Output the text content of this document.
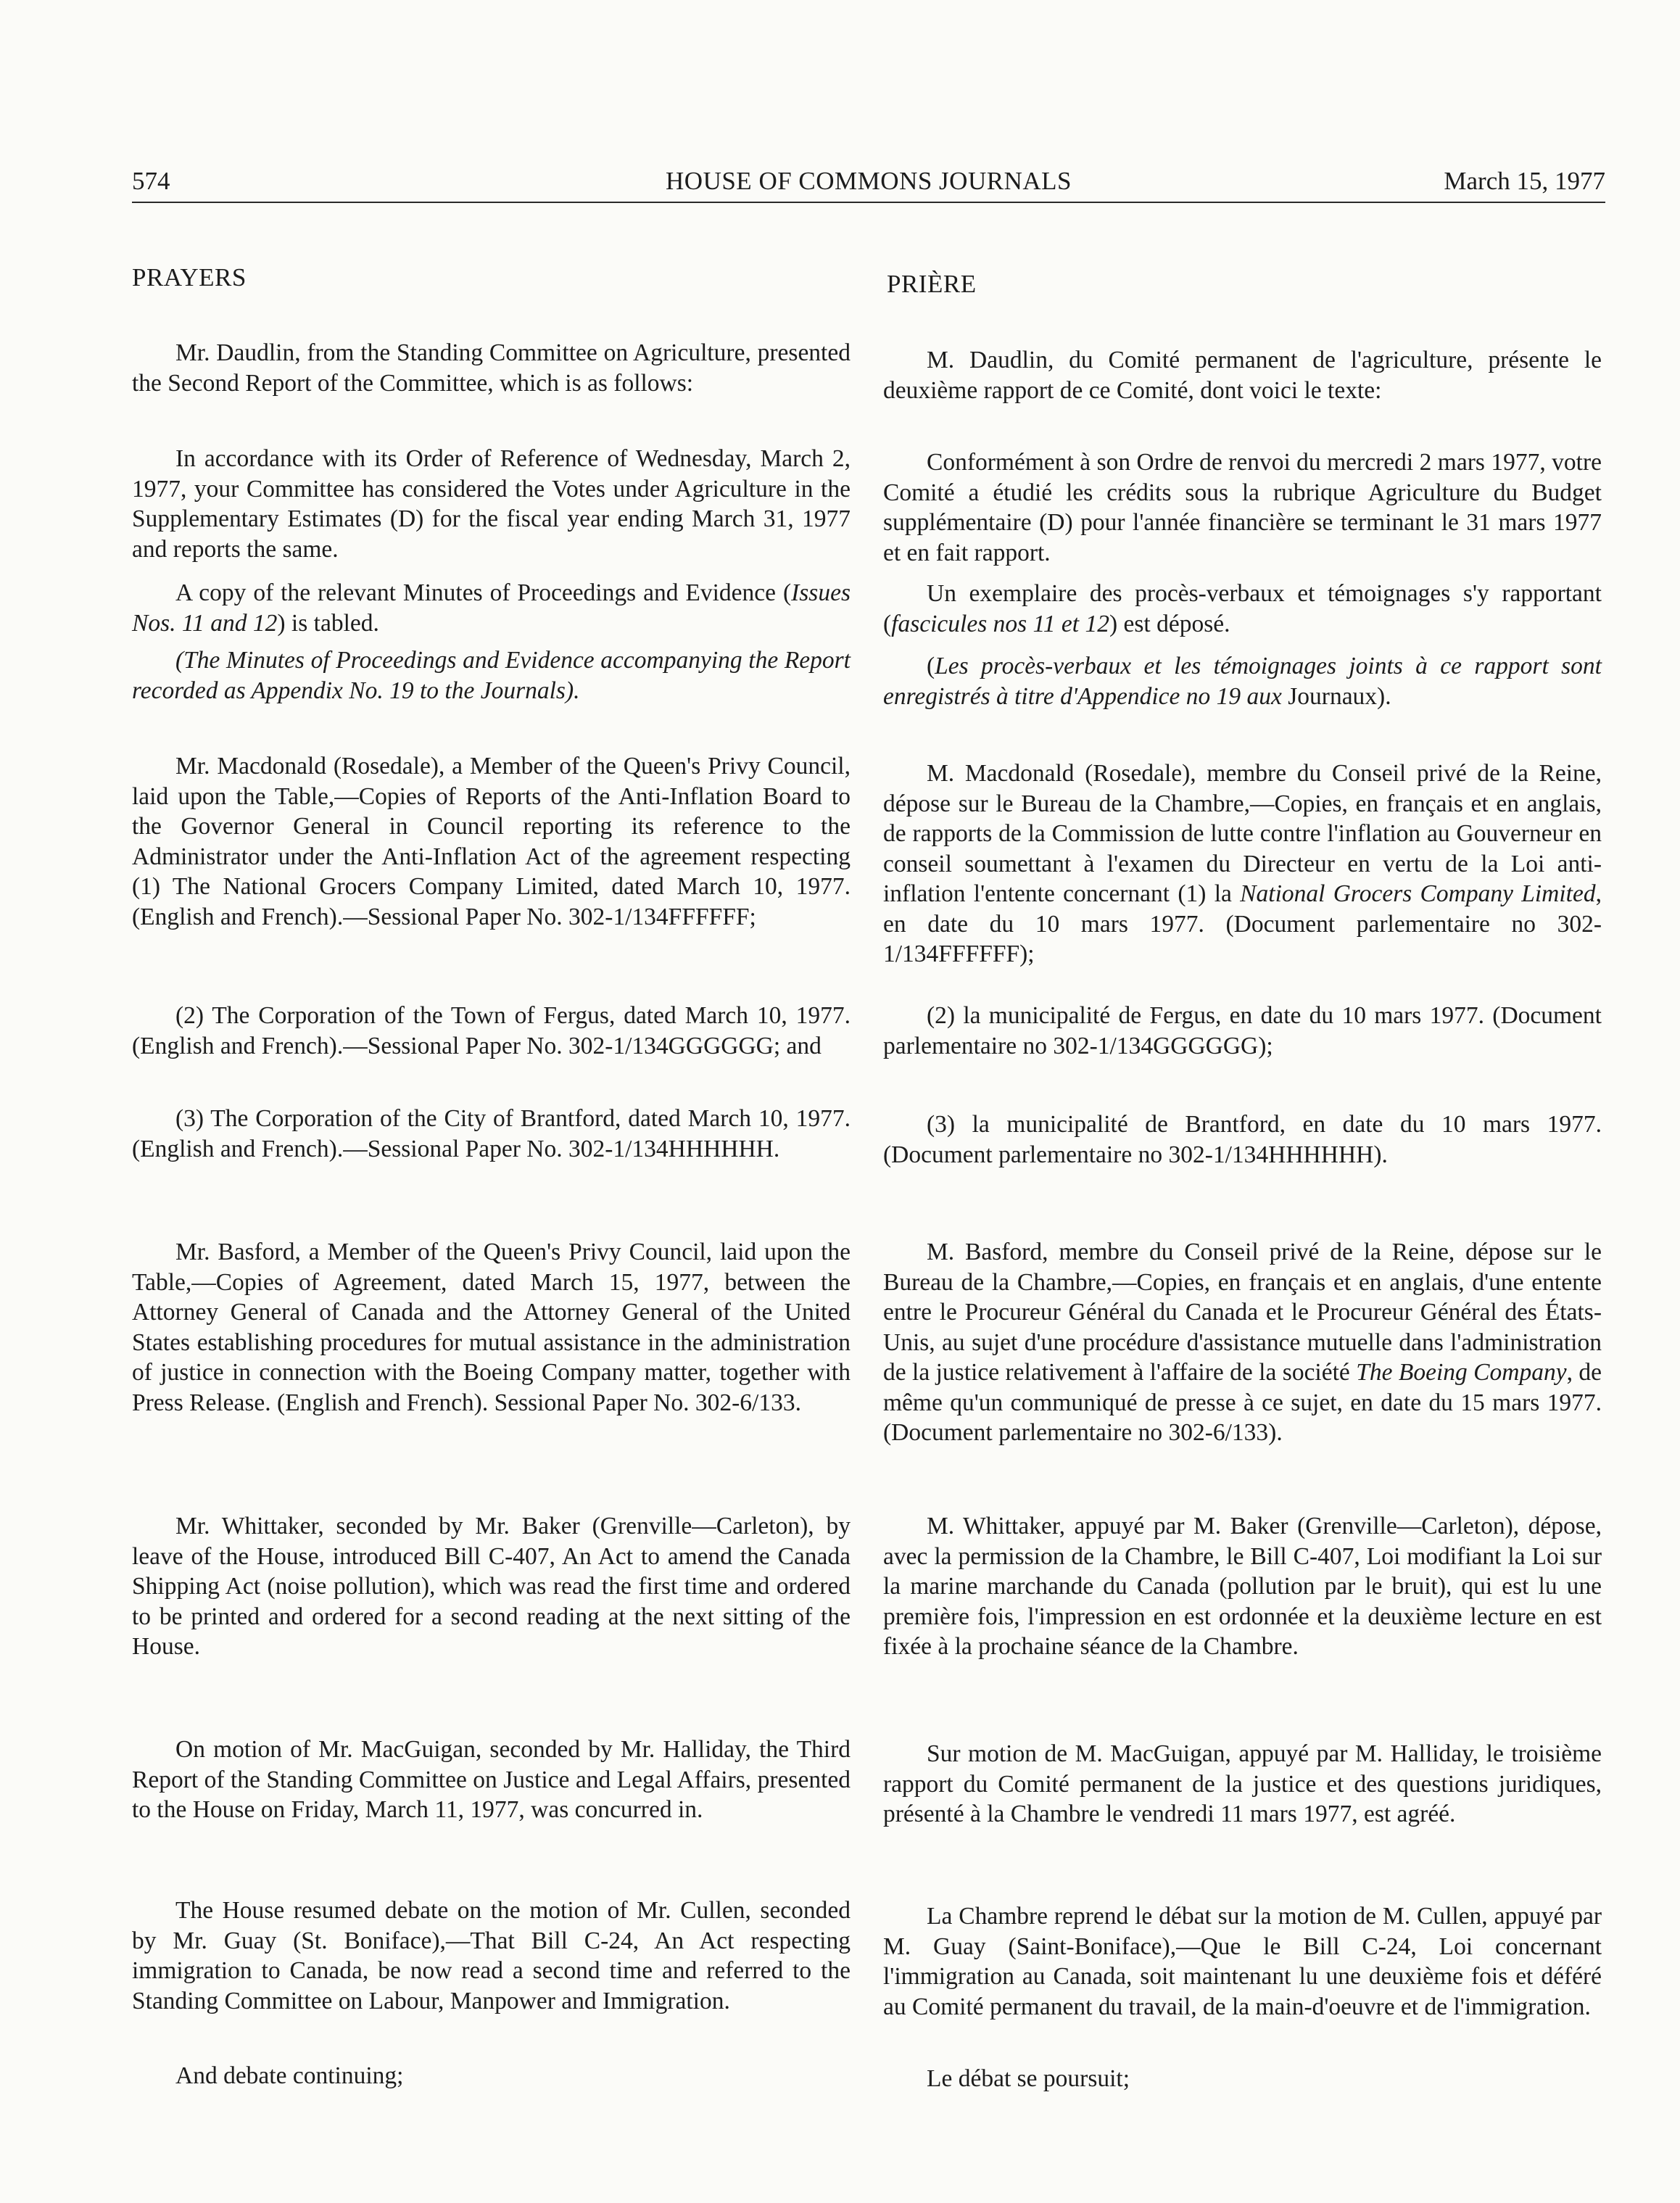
574	HOUSE OF COMMONS JOURNALS	March 15, 1977
PRAYERS
Mr. Daudlin, from the Standing Committee on Agriculture, presented the Second Report of the Committee, which is as follows:
In accordance with its Order of Reference of Wednesday, March 2, 1977, your Committee has considered the Votes under Agriculture in the Supplementary Estimates (D) for the fiscal year ending March 31, 1977 and reports the same.
A copy of the relevant Minutes of Proceedings and Evidence (Issues Nos. 11 and 12) is tabled.
(The Minutes of Proceedings and Evidence accompanying the Report recorded as Appendix No. 19 to the Journals).
Mr. Macdonald (Rosedale), a Member of the Queen's Privy Council, laid upon the Table,—Copies of Reports of the Anti-Inflation Board to the Governor General in Council reporting its reference to the Administrator under the Anti-Inflation Act of the agreement respecting (1) The National Grocers Company Limited, dated March 10, 1977. (English and French).—Sessional Paper No. 302-1/134FFFFFF;
(2) The Corporation of the Town of Fergus, dated March 10, 1977. (English and French).—Sessional Paper No. 302-1/134GGGGGG; and
(3) The Corporation of the City of Brantford, dated March 10, 1977. (English and French).—Sessional Paper No. 302-1/134HHHHHH.
Mr. Basford, a Member of the Queen's Privy Council, laid upon the Table,—Copies of Agreement, dated March 15, 1977, between the Attorney General of Canada and the Attorney General of the United States establishing procedures for mutual assistance in the administration of justice in connection with the Boeing Company matter, together with Press Release. (English and French). Sessional Paper No. 302-6/133.
Mr. Whittaker, seconded by Mr. Baker (Grenville—Carleton), by leave of the House, introduced Bill C-407, An Act to amend the Canada Shipping Act (noise pollution), which was read the first time and ordered to be printed and ordered for a second reading at the next sitting of the House.
On motion of Mr. MacGuigan, seconded by Mr. Halliday, the Third Report of the Standing Committee on Justice and Legal Affairs, presented to the House on Friday, March 11, 1977, was concurred in.
The House resumed debate on the motion of Mr. Cullen, seconded by Mr. Guay (St. Boniface),—That Bill C-24, An Act respecting immigration to Canada, be now read a second time and referred to the Standing Committee on Labour, Manpower and Immigration.
And debate continuing;
PRIÈRE
M. Daudlin, du Comité permanent de l'agriculture, présente le deuxième rapport de ce Comité, dont voici le texte:
Conformément à son Ordre de renvoi du mercredi 2 mars 1977, votre Comité a étudié les crédits sous la rubrique Agriculture du Budget supplémentaire (D) pour l'année financière se terminant le 31 mars 1977 et en fait rapport.
Un exemplaire des procès-verbaux et témoignages s'y rapportant (fascicules nos 11 et 12) est déposé.
(Les procès-verbaux et les témoignages joints à ce rapport sont enregistrés à titre d'Appendice no 19 aux Journaux).
M. Macdonald (Rosedale), membre du Conseil privé de la Reine, dépose sur le Bureau de la Chambre,—Copies, en français et en anglais, de rapports de la Commission de lutte contre l'inflation au Gouverneur en conseil soumettant à l'examen du Directeur en vertu de la Loi anti-inflation l'entente concernant (1) la National Grocers Company Limited, en date du 10 mars 1977. (Document parlementaire no 302-1/134FFFFFF);
(2) la municipalité de Fergus, en date du 10 mars 1977. (Document parlementaire no 302-1/134GGGGGG);
(3) la municipalité de Brantford, en date du 10 mars 1977. (Document parlementaire no 302-1/134HHHHHH).
M. Basford, membre du Conseil privé de la Reine, dépose sur le Bureau de la Chambre,—Copies, en français et en anglais, d'une entente entre le Procureur Général du Canada et le Procureur Général des États-Unis, au sujet d'une procédure d'assistance mutuelle dans l'administration de la justice relativement à l'affaire de la société The Boeing Company, de même qu'un communiqué de presse à ce sujet, en date du 15 mars 1977. (Document parlementaire no 302-6/133).
M. Whittaker, appuyé par M. Baker (Grenville—Carleton), dépose, avec la permission de la Chambre, le Bill C-407, Loi modifiant la Loi sur la marine marchande du Canada (pollution par le bruit), qui est lu une première fois, l'impression en est ordonnée et la deuxième lecture en est fixée à la prochaine séance de la Chambre.
Sur motion de M. MacGuigan, appuyé par M. Halliday, le troisième rapport du Comité permanent de la justice et des questions juridiques, présenté à la Chambre le vendredi 11 mars 1977, est agréé.
La Chambre reprend le débat sur la motion de M. Cullen, appuyé par M. Guay (Saint-Boniface),—Que le Bill C-24, Loi concernant l'immigration au Canada, soit maintenant lu une deuxième fois et déféré au Comité permanent du travail, de la main-d'oeuvre et de l'immigration.
Le débat se poursuit;
